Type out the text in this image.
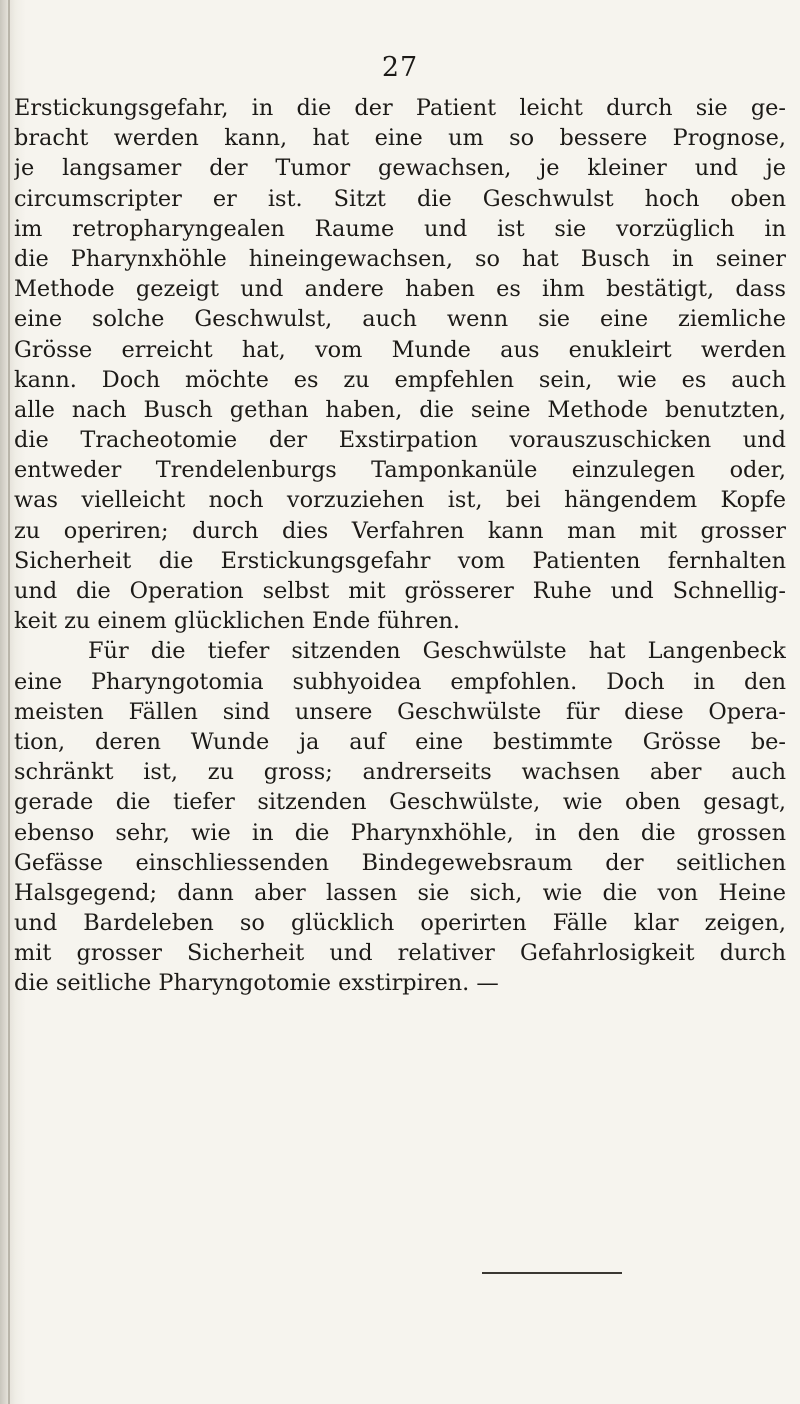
27
Erstickungsgefahr, in die der Patient leicht durch sie ge-
bracht werden kann, hat eine um so bessere Prognose,
je langsamer der Tumor gewachsen, je kleiner und je
circumscripter er ist. Sitzt die Geschwulst hoch oben
im retropharyngealen Raume und ist sie vorzüglich in
die Pharynxhöhle hineingewachsen, so hat Busch in seiner
Methode gezeigt und andere haben es ihm bestätigt, dass
eine solche Geschwulst, auch wenn sie eine ziemliche
Grösse erreicht hat, vom Munde aus enukleirt werden
kann. Doch möchte es zu empfehlen sein, wie es auch
alle nach Busch gethan haben, die seine Methode benutzten,
die Tracheotomie der Exstirpation vorauszuschicken und
entweder Trendelenburgs Tamponkanüle einzulegen oder,
was vielleicht noch vorzuziehen ist, bei hängendem Kopfe
zu operiren; durch dies Verfahren kann man mit grosser
Sicherheit die Erstickungsgefahr vom Patienten fernhalten
und die Operation selbst mit grösserer Ruhe und Schnellig-
keit zu einem glücklichen Ende führen.
Für die tiefer sitzenden Geschwülste hat Langenbeck
eine Pharyngotomia subhyoidea empfohlen. Doch in den
meisten Fällen sind unsere Geschwülste für diese Opera-
tion, deren Wunde ja auf eine bestimmte Grösse be-
schränkt ist, zu gross; andrerseits wachsen aber auch
gerade die tiefer sitzenden Geschwülste, wie oben gesagt,
ebenso sehr, wie in die Pharynxhöhle, in den die grossen
Gefässe einschliessenden Bindegewebsraum der seitlichen
Halsgegend; dann aber lassen sie sich, wie die von Heine
und Bardeleben so glücklich operirten Fälle klar zeigen,
mit grosser Sicherheit und relativer Gefahrlosigkeit durch
die seitliche Pharyngotomie exstirpiren. —
